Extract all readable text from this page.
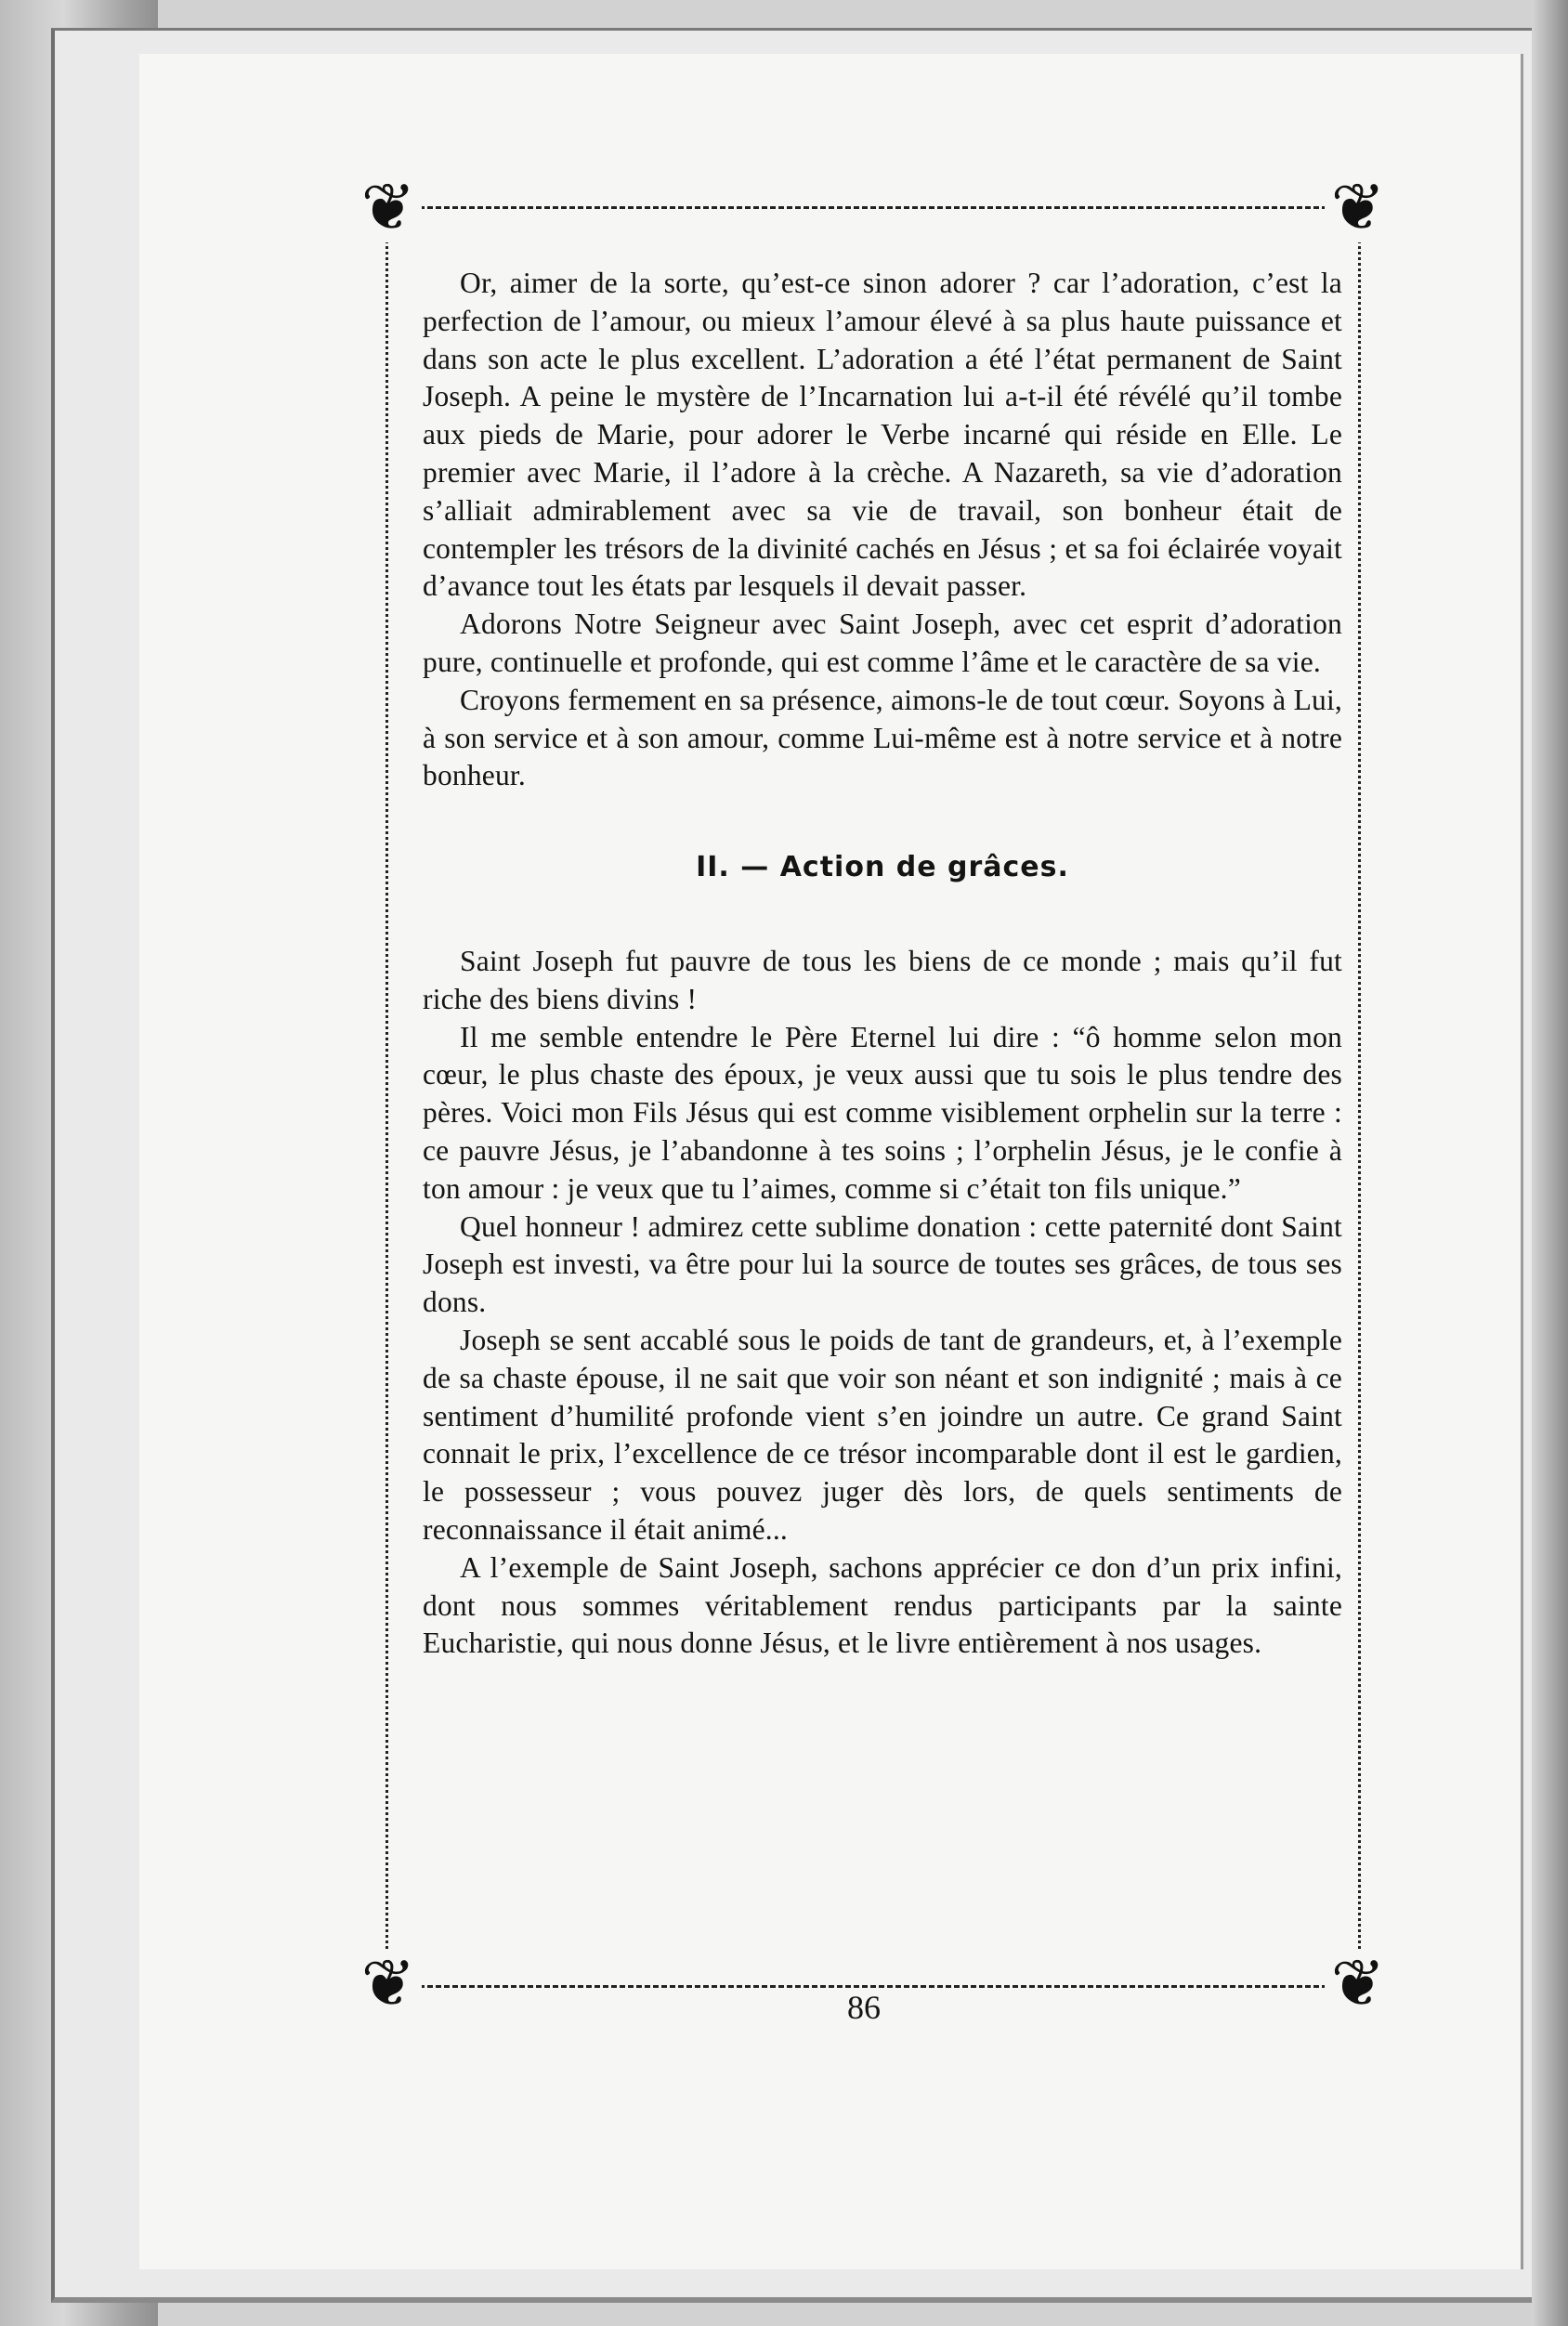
❦	❦
❦	❦

Or, aimer de la sorte, qu’est-ce sinon adorer ? car l’adoration, c’est la perfection de l’amour, ou mieux l’amour élevé à sa plus haute puissance et dans son acte le plus excellent. L’adoration a été l’état permanent de Saint Joseph. A peine le mystère de l’Incarnation lui a-t-il été révélé qu’il tombe aux pieds de Marie, pour adorer le Verbe incarné qui réside en Elle. Le premier avec Marie, il l’adore à la crèche. A Nazareth, sa vie d’adoration s’alliait admirablement avec sa vie de travail, son bonheur était de contempler les trésors de la divinité cachés en Jésus ; et sa foi éclairée voyait d’avance tout les états par lesquels il devait passer.

Adorons Notre Seigneur avec Saint Joseph, avec cet esprit d’adoration pure, continuelle et profonde, qui est comme l’âme et le caractère de sa vie.

Croyons fermement en sa présence, aimons-le de tout cœur. Soyons à Lui, à son service et à son amour, comme Lui-même est à notre service et à notre bonheur.

II. — Action de grâces.

Saint Joseph fut pauvre de tous les biens de ce monde ; mais qu’il fut riche des biens divins !

Il me semble entendre le Père Eternel lui dire : “ô homme selon mon cœur, le plus chaste des époux, je veux aussi que tu sois le plus tendre des pères. Voici mon Fils Jésus qui est comme visiblement orphelin sur la terre : ce pauvre Jésus, je l’abandonne à tes soins ; l’orphelin Jésus, je le confie à ton amour : je veux que tu l’aimes, comme si c’était ton fils unique.”

Quel honneur ! admirez cette sublime donation : cette paternité dont Saint Joseph est investi, va être pour lui la source de toutes ses grâces, de tous ses dons.

Joseph se sent accablé sous le poids de tant de grandeurs, et, à l’exemple de sa chaste épouse, il ne sait que voir son néant et son indignité ; mais à ce sentiment d’humilité profonde vient s’en joindre un autre. Ce grand Saint connait le prix, l’excellence de ce trésor incomparable dont il est le gardien, le possesseur ; vous pouvez juger dès lors, de quels sentiments de reconnaissance il était animé...

A l’exemple de Saint Joseph, sachons apprécier ce don d’un prix infini, dont nous sommes véritablement rendus participants par la sainte Eucharistie, qui nous donne Jésus, et le livre entièrement à nos usages.

86
